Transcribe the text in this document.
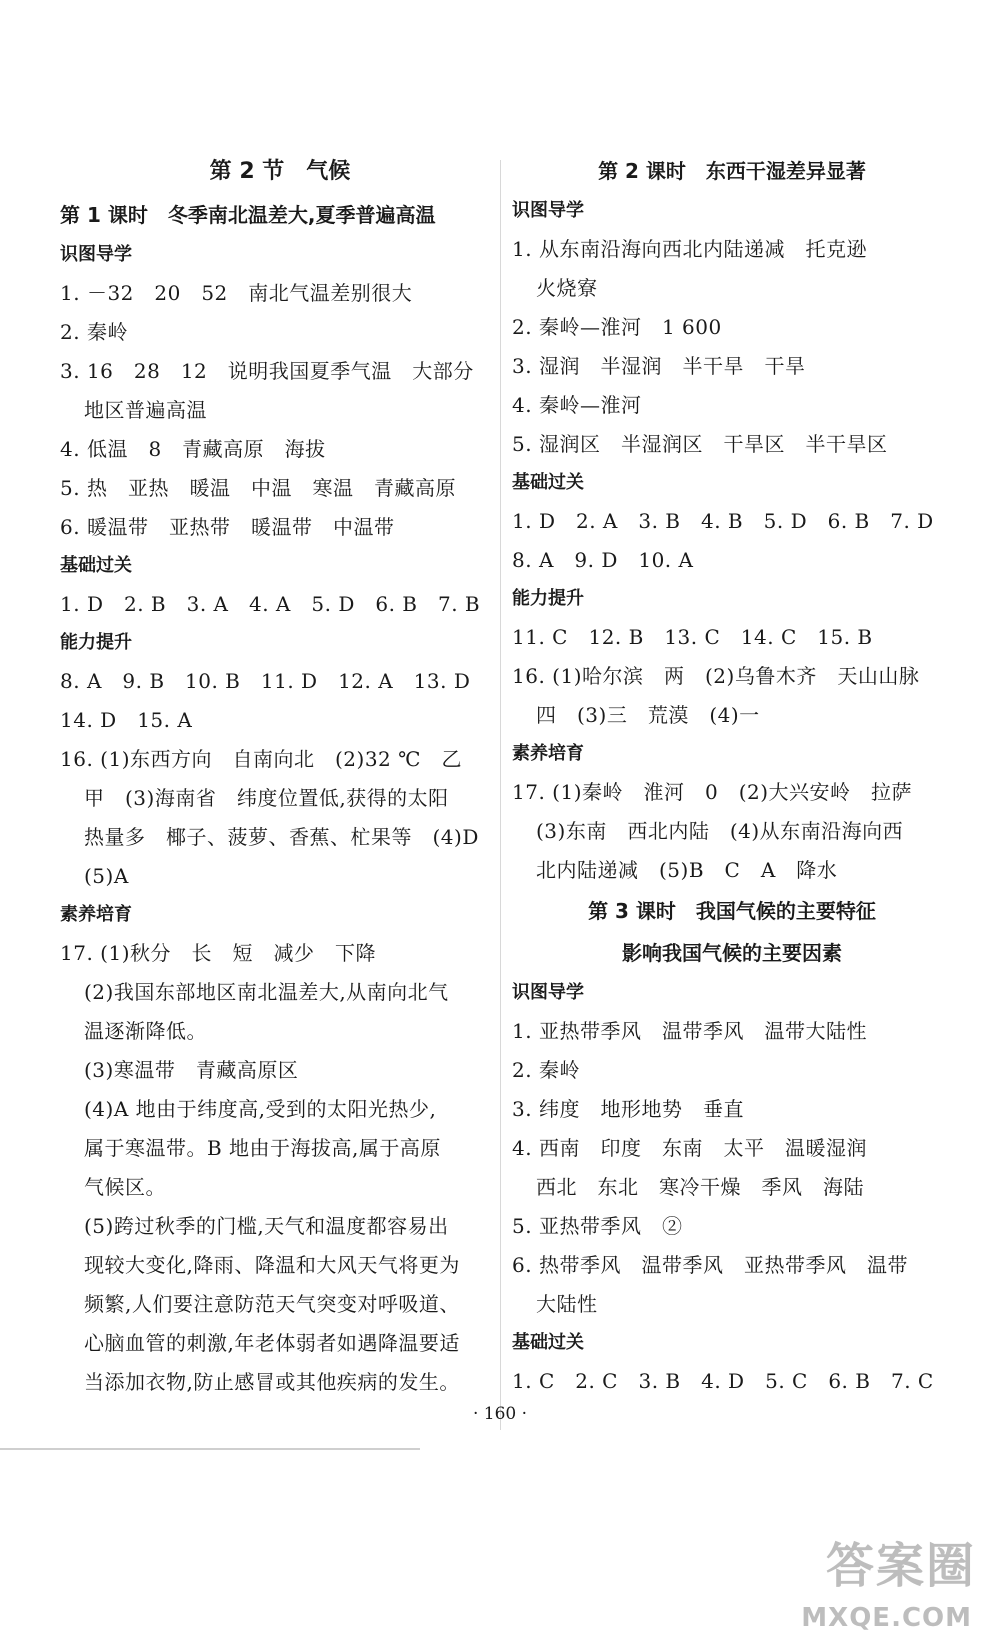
第 2 节　气候
第 1 课时　冬季南北温差大,夏季普遍高温
识图导学
1. －32　20　52　南北气温差别很大
2. 秦岭
3. 16　28　12　说明我国夏季气温　大部分
地区普遍高温
4. 低温　8　青藏高原　海拔
5. 热　亚热　暖温　中温　寒温　青藏高原
6. 暖温带　亚热带　暖温带　中温带
基础过关
1. D　2. B　3. A　4. A　5. D　6. B　7. B
能力提升
8. A　9. B　10. B　11. D　12. A　13. D
14. D　15. A
16. (1)东西方向　自南向北　(2)32 ℃　乙
甲　(3)海南省　纬度位置低,获得的太阳
热量多　椰子、菠萝、香蕉、杧果等　(4)D
(5)A
素养培育
17. (1)秋分　长　短　减少　下降
(2)我国东部地区南北温差大,从南向北气
温逐渐降低。
(3)寒温带　青藏高原区
(4)A 地由于纬度高,受到的太阳光热少,
属于寒温带。B 地由于海拔高,属于高原
气候区。
(5)跨过秋季的门槛,天气和温度都容易出
现较大变化,降雨、降温和大风天气将更为
频繁,人们要注意防范天气突变对呼吸道、
心脑血管的刺激,年老体弱者如遇降温要适
当添加衣物,防止感冒或其他疾病的发生。
第 2 课时　东西干湿差异显著
识图导学
1. 从东南沿海向西北内陆递减　托克逊
火烧寮
2. 秦岭—淮河　1 600
3. 湿润　半湿润　半干旱　干旱
4. 秦岭—淮河
5. 湿润区　半湿润区　干旱区　半干旱区
基础过关
1. D　2. A　3. B　4. B　5. D　6. B　7. D
8. A　9. D　10. A
能力提升
11. C　12. B　13. C　14. C　15. B
16. (1)哈尔滨　两　(2)乌鲁木齐　天山山脉
四　(3)三　荒漠　(4)一
素养培育
17. (1)秦岭　淮河　0　(2)大兴安岭　拉萨
(3)东南　西北内陆　(4)从东南沿海向西
北内陆递减　(5)B　C　A　降水
第 3 课时　我国气候的主要特征
影响我国气候的主要因素
识图导学
1. 亚热带季风　温带季风　温带大陆性
2. 秦岭
3. 纬度　地形地势　垂直
4. 西南　印度　东南　太平　温暖湿润
西北　东北　寒冷干燥　季风　海陆
5. 亚热带季风　②
6. 热带季风　温带季风　亚热带季风　温带
大陆性
基础过关
1. C　2. C　3. B　4. D　5. C　6. B　7. C
· 160 ·
答案圈
MXQE.COM
